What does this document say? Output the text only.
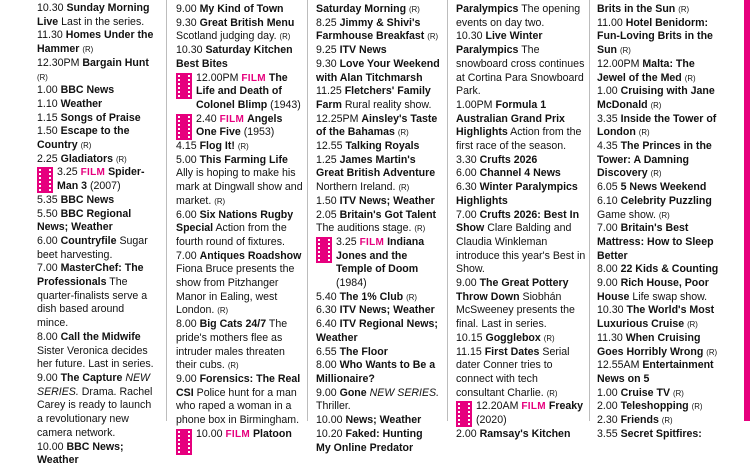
10.30 Sunday Morning Live Last in the series.

11.30 Homes Under the Hammer (R)

12.30PM Bargain Hunt (R)

1.00 BBC News

1.10 Weather

1.15 Songs of Praise

1.50 Escape to the Country (R)

2.25 Gladiators (R)

3.25 FILM Spider-Man 3 (2007)

5.35 BBC News

5.50 BBC Regional News; Weather

6.00 Countryfile Sugar beet harvesting.

7.00 MasterChef: The Professionals The quarter-finalists serve a dish based around mince.

8.00 Call the Midwife Sister Veronica decides her future. Last in series.

9.00 The Capture NEW SERIES. Drama. Rachel Carey is ready to launch a revolutionary new camera network.

10.00 BBC News; Weather

9.00 My Kind of Town

9.30 Great British Menu Scotland judging day. (R)

10.30 Saturday Kitchen Best Bites

12.00PM FILM The Life and Death of Colonel Blimp (1943)

2.40 FILM Angels One Five (1953)

4.15 Flog It! (R)

5.00 This Farming Life Ally is hoping to make his mark at Dingwall show and market. (R)

6.00 Six Nations Rugby Special Action from the fourth round of fixtures.

7.00 Antiques Roadshow Fiona Bruce presents the show from Pitzhanger Manor in Ealing, west London. (R)

8.00 Big Cats 24/7 The pride's mothers flee as intruder males threaten their cubs. (R)

9.00 Forensics: The Real CSI Police hunt for a man who raped a woman in a phone box in Birmingham.

10.00 FILM Platoon

Saturday Morning (R)

8.25 Jimmy & Shivi's Farmhouse Breakfast (R)

9.25 ITV News

9.30 Love Your Weekend with Alan Titchmarsh

11.25 Fletchers' Family Farm Rural reality show.

12.25PM Ainsley's Taste of the Bahamas (R)

12.55 Talking Royals

1.25 James Martin's Great British Adventure Northern Ireland. (R)

1.50 ITV News; Weather

2.05 Britain's Got Talent The auditions stage. (R)

3.25 FILM Indiana Jones and the Temple of Doom (1984)

5.40 The 1% Club (R)

6.30 ITV News; Weather

6.40 ITV Regional News; Weather

6.55 The Floor

8.00 Who Wants to Be a Millionaire?

9.00 Gone NEW SERIES. Thriller.

10.00 News; Weather

10.20 Faked: Hunting My Online Predator

Paralympics The opening events on day two.

10.30 Live Winter Paralympics The snowboard cross continues at Cortina Para Snowboard Park.

1.00PM Formula 1 Australian Grand Prix Highlights Action from the first race of the season.

3.30 Crufts 2026

6.00 Channel 4 News

6.30 Winter Paralympics Highlights

7.00 Crufts 2026: Best In Show Clare Balding and Claudia Winkleman introduce this year's Best in Show.

9.00 The Great Pottery Throw Down Siobhán McSweeney presents the final. Last in series.

10.15 Gogglebox (R)

11.15 First Dates Serial dater Conner tries to connect with tech consultant Charlie. (R)

12.20AM FILM Freaky (2020)

2.00 Ramsay's Kitchen

Brits in the Sun (R)

11.00 Hotel Benidorm: Fun-Loving Brits in the Sun (R)

12.00PM Malta: The Jewel of the Med (R)

1.00 Cruising with Jane McDonald (R)

3.35 Inside the Tower of London (R)

4.35 The Princes in the Tower: A Damning Discovery (R)

6.05 5 News Weekend

6.10 Celebrity Puzzling Game show. (R)

7.00 Britain's Best Mattress: How to Sleep Better

8.00 22 Kids & Counting

9.00 Rich House, Poor House Life swap show.

10.30 The World's Most Luxurious Cruise (R)

11.30 When Cruising Goes Horribly Wrong (R)

12.55AM Entertainment News on 5

1.00 Cruise TV (R)

2.00 Teleshopping (R)

2.30 Friends (R)

3.55 Secret Spitfires:
